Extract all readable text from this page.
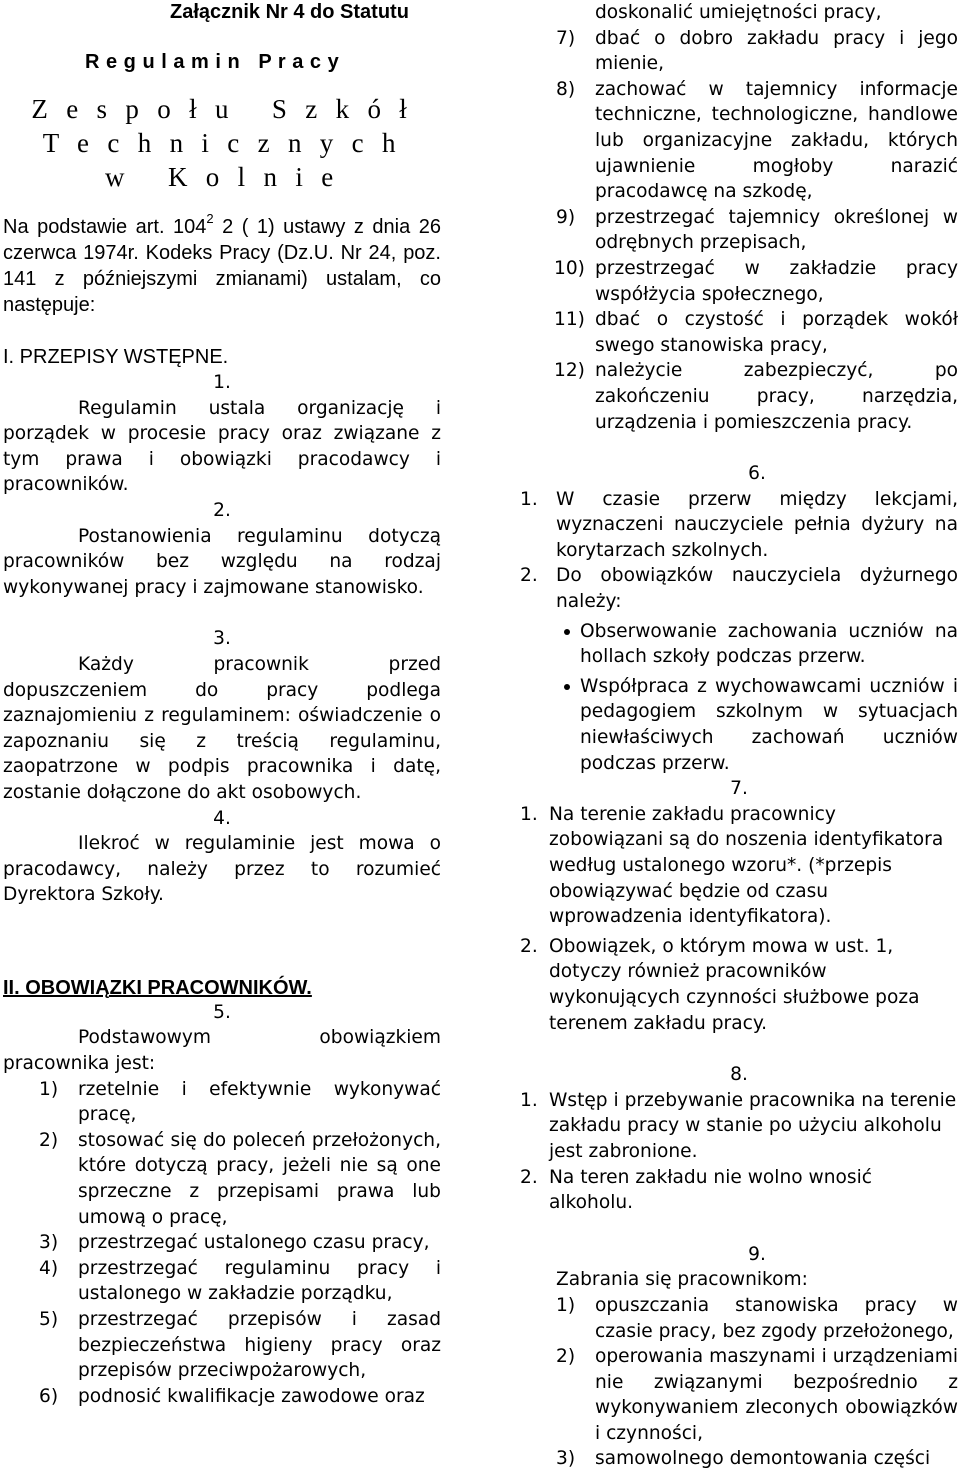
Załącznik Nr 4 do Statutu
R e g u l a m i n   P r a c y
Z e s p o ł u   S z k ó ł
T e c h n i c z n y c h
w   K o l n i e

Na podstawie art. $104^2$ 2 ( 1) ustawy z dnia 26 czerwca 1974r. Kodeks Pracy (Dz.U. Nr 24, poz. 141 z późniejszymi zmianami) ustalam, co następuje:

I. PRZEPISY WSTĘPNE.
1.

Regulamin ustala organizację i porządek w procesie pracy oraz związane z tym prawa i obowiązki pracodawcy i pracowników.

2.

Postanowienia regulaminu dotyczą pracowników bez względu na rodzaj wykonywanej pracy i zajmowane stanowisko.

3.

Każdy pracownik przed dopuszczeniem do pracy podlega zaznajomieniu z regulaminem: oświadczenie o zapoznaniu się z treścią regulaminu, zaopatrzone w podpis pracownika i datę, zostanie dołączone do akt osobowych.

4.

Ilekroć w regulaminie jest mowa o pracodawcy, należy przez to rozumieć Dyrektora Szkoły.

II. OBOWIĄZKI PRACOWNIKÓW.
5.

Podstawowym obowiązkiem pracownika jest:

1) rzetelnie i efektywnie wykonywać pracę,
2) stosować się do poleceń przełożonych, które dotyczą pracy, jeżeli nie są one sprzeczne z przepisami prawa lub umową o pracę,
3) przestrzegać ustalonego czasu pracy,
4) przestrzegać regulaminu pracy i ustalonego w zakładzie porządku,
5) przestrzegać przepisów i zasad bezpieczeństwa higieny pracy oraz przepisów przeciwpożarowych,
6) podnosić kwalifikacje zawodowe oraz
doskonalić umiejętności pracy,
7) dbać o dobro zakładu pracy i jego mienie,
8) zachować w tajemnicy informacje techniczne, technologiczne, handlowe lub organizacyjne zakładu, których ujawnienie mogłoby narazić pracodawcę na szkodę,
9) przestrzegać tajemnicy określonej w odrębnych przepisach,
10) przestrzegać w zakładzie pracy współżycia społecznego,
11) dbać o czystość i porządek wokół swego stanowiska pracy,
12) należycie zabezpieczyć, po zakończeniu pracy, narzędzia, urządzenia i pomieszczenia pracy.
6.
1. W czasie przerw między lekcjami, wyznaczeni nauczyciele pełnia dyżury na korytarzach szkolnych.
2. Do obowiązków nauczyciela dyżurnego należy:
Obserwowanie zachowania uczniów na hollach szkoły podczas przerw.
Współpraca z wychowawcami uczniów i pedagogiem szkolnym w sytuacjach niewłaściwych zachowań uczniów podczas przerw.
7.
1. Na terenie zakładu pracownicy zobowiązani są do noszenia identyfikatora według ustalonego wzoru*. (*przepis obowiązywać będzie od czasu wprowadzenia identyfikatora).
2. Obowiązek, o którym mowa w ust. 1, dotyczy również pracowników wykonujących czynności służbowe poza terenem zakładu pracy.
8.
1. Wstęp i przebywanie pracownika na terenie zakładu pracy w stanie po użyciu alkoholu jest zabronione.
2. Na teren zakładu nie wolno wnosić alkoholu.
9.
Zabrania się pracownikom:
1) opuszczania stanowiska pracy w czasie pracy, bez zgody przełożonego,
2) operowania maszynami i urządzeniami nie związanymi bezpośrednio z wykonywaniem zleconych obowiązków i czynności,
3) samowolnego demontowania części
